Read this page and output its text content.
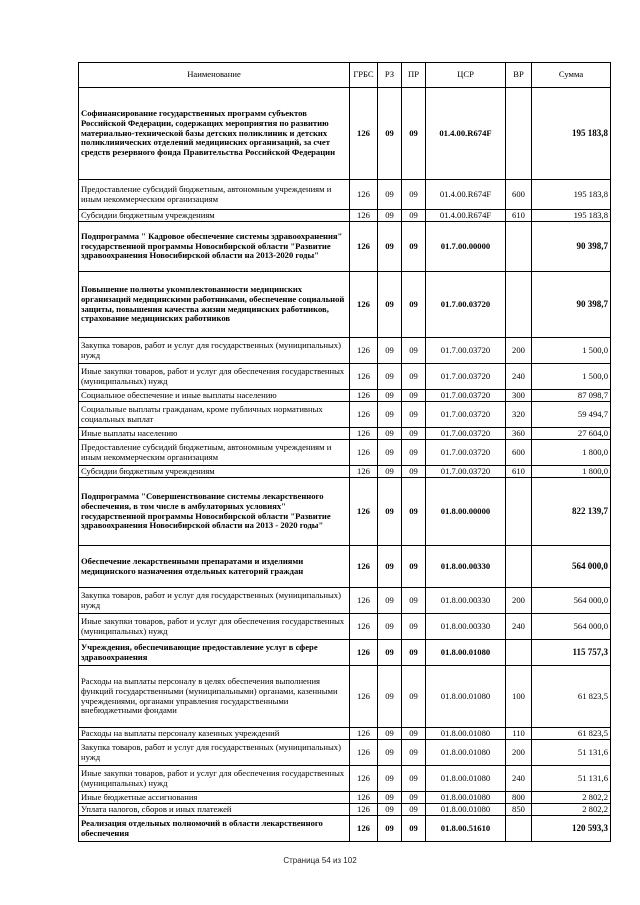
Наименование	ГРБС	РЗ	ПР	ЦСР	ВР	Сумма
Софинансирование государственных программ субъектов Российской Федерации, содержащих мероприятия по развитию материально-технической базы детских поликлиник и детских поликлинических отделений медицинских организаций, за счет средств резервного фонда Правительства Российской Федерации	126	09	09	01.4.00.R674F		195 183,8
Предоставление субсидий бюджетным, автономным учреждениям и иным некоммерческим организациям	126	09	09	01.4.00.R674F	600	195 183,8
Субсидии бюджетным учреждениям	126	09	09	01.4.00.R674F	610	195 183,8
Подпрограмма " Кадровое обеспечение системы здравоохранения" государственной программы Новосибирской области "Развитие здравоохранения Новосибирской области на 2013-2020 годы"	126	09	09	01.7.00.00000		90 398,7
Повышение полноты укомплектованности медицинских организаций медицинскими работниками, обеспечение социальной защиты, повышения качества жизни медицинских работников, страхование медицинских работников	126	09	09	01.7.00.03720		90 398,7
Закупка товаров, работ и услуг для государственных (муниципальных) нужд	126	09	09	01.7.00.03720	200	1 500,0
Иные закупки товаров, работ и услуг для обеспечения государственных (муниципальных) нужд	126	09	09	01.7.00.03720	240	1 500,0
Социальное обеспечение и иные выплаты населению	126	09	09	01.7.00.03720	300	87 098,7
Социальные выплаты гражданам, кроме публичных нормативных социальных выплат	126	09	09	01.7.00.03720	320	59 494,7
Иные выплаты населению	126	09	09	01.7.00.03720	360	27 604,0
Предоставление субсидий бюджетным, автономным учреждениям и иным некоммерческим организациям	126	09	09	01.7.00.03720	600	1 800,0
Субсидии бюджетным учреждениям	126	09	09	01.7.00.03720	610	1 800,0
Подпрограмма "Совершенствование системы лекарственного обеспечения, в том числе в амбулаторных условиях" государственной программы Новосибирской области "Развитие здравоохранения Новосибирской области на 2013 - 2020 годы"	126	09	09	01.8.00.00000		822 139,7
Обеспечение лекарственными препаратами и изделиями медицинского назначения отдельных категорий граждан	126	09	09	01.8.00.00330		564 000,0
Закупка товаров, работ и услуг для государственных (муниципальных) нужд	126	09	09	01.8.00.00330	200	564 000,0
Иные закупки товаров, работ и услуг для обеспечения государственных (муниципальных) нужд	126	09	09	01.8.00.00330	240	564 000,0
Учреждения, обеспечивающие предоставление услуг в сфере здравоохранения	126	09	09	01.8.00.01080		115 757,3
Расходы на выплаты персоналу в целях обеспечения выполнения функций государственными (муниципальными) органами, казенными учреждениями, органами управления государственными внебюджетными фондами	126	09	09	01.8.00.01080	100	61 823,5
Расходы на выплаты персоналу казенных учреждений	126	09	09	01.8.00.01080	110	61 823,5
Закупка товаров, работ и услуг для государственных (муниципальных) нужд	126	09	09	01.8.00.01080	200	51 131,6
Иные закупки товаров, работ и услуг для обеспечения государственных (муниципальных) нужд	126	09	09	01.8.00.01080	240	51 131,6
Иные бюджетные ассигнования	126	09	09	01.8.00.01080	800	2 802,2
Уплата налогов, сборов и иных платежей	126	09	09	01.8.00.01080	850	2 802,2
Реализация отдельных полномочий в области лекарственного обеспечения	126	09	09	01.8.00.51610		120 593,3
Страница 54 из 102
